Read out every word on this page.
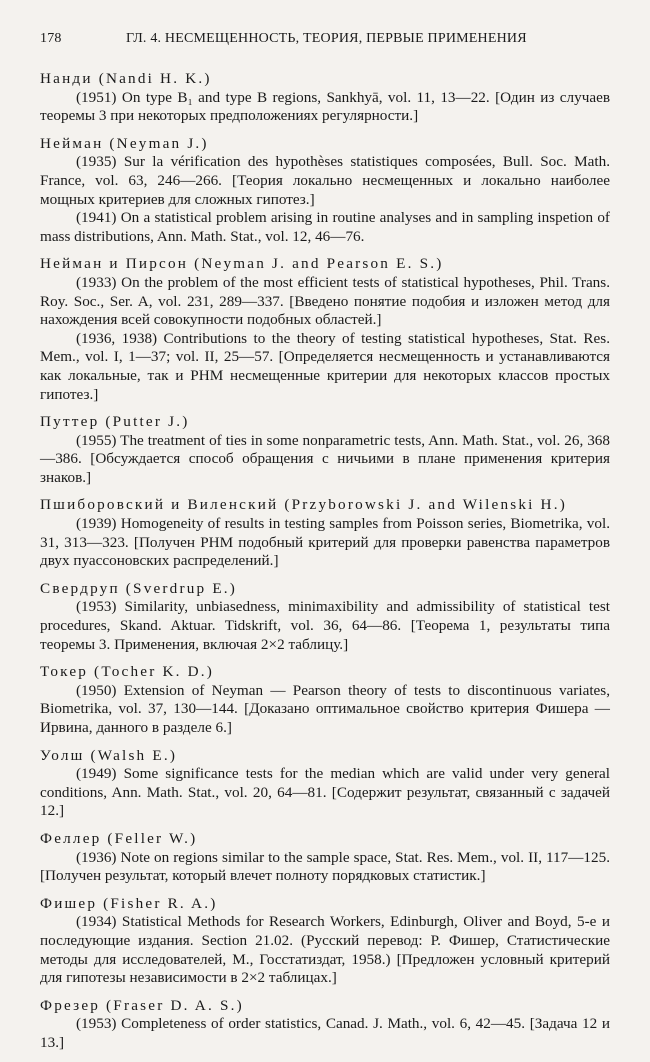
178	ГЛ. 4. НЕСМЕЩЕННОСТЬ, ТЕОРИЯ, ПЕРВЫЕ ПРИМЕНЕНИЯ
Нанди (Nandi H. K.)
(1951) On type B₁ and type B regions, Sankhyā, vol. 11, 13—22. [Один из случаев теоремы 3 при некоторых предположениях регулярности.]
Нейман (Neyman J.)
(1935) Sur la vérification des hypothèses statistiques composées, Bull. Soc. Math. France, vol. 63, 246—266. [Теория локально несмещенных и локально наиболее мощных критериев для сложных гипотез.]
(1941) On a statistical problem arising in routine analyses and in sampling inspetion of mass distributions, Ann. Math. Stat., vol. 12, 46—76.
Нейман и Пирсон (Neyman J. and Pearson E. S.)
(1933) On the problem of the most efficient tests of statistical hypotheses, Phil. Trans. Roy. Soc., Ser. A, vol. 231, 289—337. [Введено понятие подобия и изложен метод для нахождения всей совокупности подобных областей.]
(1936, 1938) Contributions to the theory of testing statistical hypotheses, Stat. Res. Mem., vol. I, 1—37; vol. II, 25—57. [Определяется несмещенность и устанавливаются как локальные, так и РНМ несмещенные критерии для некоторых классов простых гипотез.]
Путтер (Putter J.)
(1955) The treatment of ties in some nonparametric tests, Ann. Math. Stat., vol. 26, 368—386. [Обсуждается способ обращения с ничьими в плане применения критерия знаков.]
Пшиборовский и Виленский (Przyborowski J. and Wilenski H.)
(1939) Homogeneity of results in testing samples from Poisson series, Biometrika, vol. 31, 313—323. [Получен РНМ подобный критерий для проверки равенства параметров двух пуассоновских распределений.]
Свердруп (Sverdrup E.)
(1953) Similarity, unbiasedness, minimaxibility and admissibility of statistical test procedures, Skand. Aktuar. Tidskrift, vol. 36, 64—86. [Теорема 1, результаты типа теоремы 3. Применения, включая 2×2 таблицу.]
Токер (Tocher K. D.)
(1950) Extension of Neyman — Pearson theory of tests to discontinuous variates, Biometrika, vol. 37, 130—144. [Доказано оптимальное свойство критерия Фишера — Ирвина, данного в разделе 6.]
Уолш (Walsh E.)
(1949) Some significance tests for the median which are valid under very general conditions, Ann. Math. Stat., vol. 20, 64—81. [Содержит результат, связанный с задачей 12.]
Феллер (Feller W.)
(1936) Note on regions similar to the sample space, Stat. Res. Mem., vol. II, 117—125. [Получен результат, который влечет полноту порядковых статистик.]
Фишер (Fisher R. A.)
(1934) Statistical Methods for Research Workers, Edinburgh, Oliver and Boyd, 5-е и последующие издания. Section 21.02. (Русский перевод: Р. Фишер, Статистические методы для исследователей, М., Госстатиздат, 1958.) [Предложен условный критерий для гипотезы независимости в 2×2 таблицах.]
Фрезер (Fraser D. A. S.)
(1953) Completeness of order statistics, Canad. J. Math., vol. 6, 42—45. [Задача 12 и 13.]
